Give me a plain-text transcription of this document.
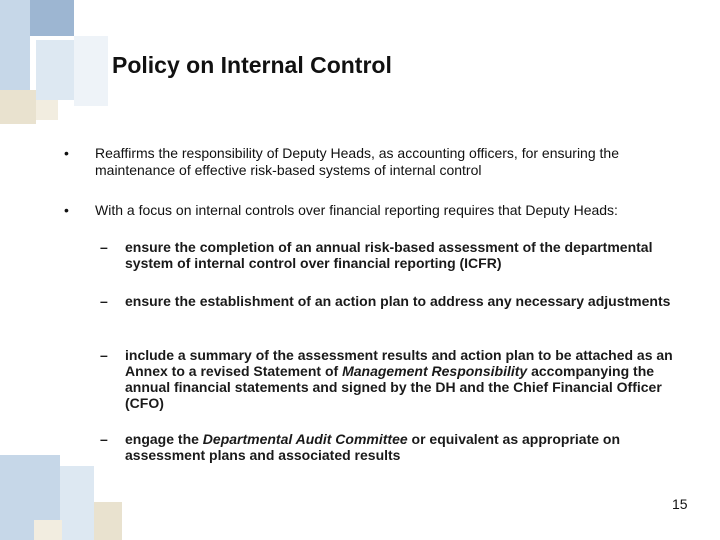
Policy on Internal Control
• Reaffirms the responsibility of Deputy Heads, as accounting officers, for ensuring the maintenance of effective risk-based systems of internal control
• With a focus on internal controls over financial reporting requires that Deputy Heads:
– ensure the completion of an annual risk-based assessment of the departmental system of internal control over financial reporting (ICFR)
– ensure the establishment of an action plan to address any necessary adjustments
– include a summary of the assessment results and action plan to be attached as an Annex to a revised Statement of Management Responsibility accompanying the annual financial statements and signed by the DH and the Chief Financial Officer (CFO)
– engage the Departmental Audit Committee or equivalent as appropriate on assessment plans and associated results
15
